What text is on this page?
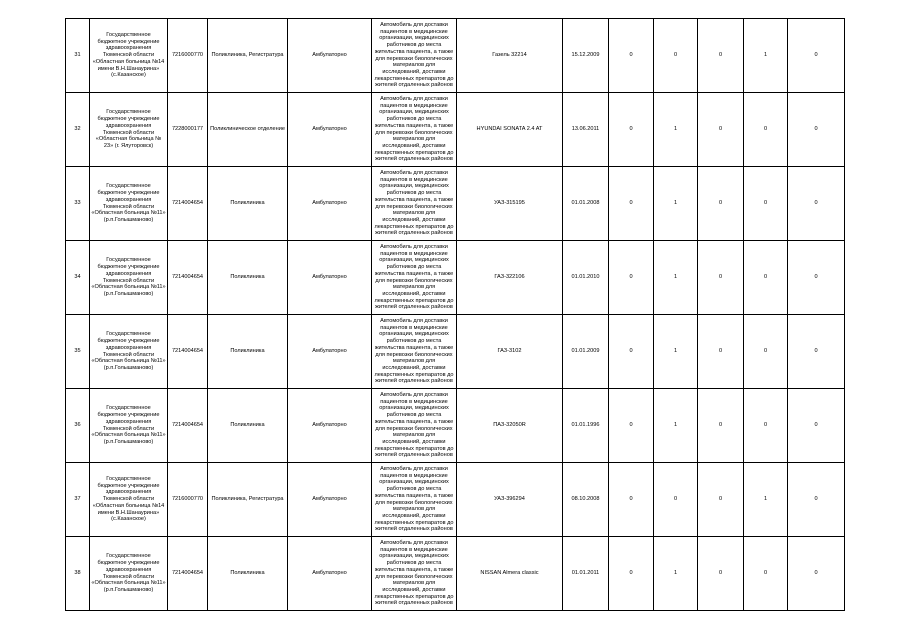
31	Государственное бюджетное учреждение здравоохранения Тюменской области «Областная больница №14 имени В.Н.Шанаурина» (с.Казанское)	7216000770	Поликлиника, Регистратура	Амбулаторно	Автомобиль для доставки пациентов в медицинские организации, медицинских работников до места жительства пациента, а также для перевозки биологических материалов для исследований, доставки лекарственных препаратов до жителей отдаленных районов	Газель 32214	15.12.2009	0	0	0	1	0
32	Государственное бюджетное учреждение здравоохранения Тюменской области «Областная больница № 23» (г. Ялуторовск)	7228000177	Поликлиническое отделение	Амбулаторно	Автомобиль для доставки пациентов в медицинские организации, медицинских работников до места жительства пациента, а также для перевозки биологических материалов для исследований, доставки лекарственных препаратов до жителей отдаленных районов	HYUNDAI SONATA 2.4 AT	13.06.2011	0	1	0	0	0
33	Государственное бюджетное учреждение здравоохранения Тюменской области «Областная больница №11» (р.п.Голышманово)	7214004654	Поликлиника	Амбулаторно	Автомобиль для доставки пациентов в медицинские организации, медицинских работников до места жительства пациента, а также для перевозки биологических материалов для исследований, доставки лекарственных препаратов до жителей отдаленных районов	УАЗ-315195	01.01.2008	0	1	0	0	0
34	Государственное бюджетное учреждение здравоохранения Тюменской области «Областная больница №11» (р.п.Голышманово)	7214004654	Поликлиника	Амбулаторно	Автомобиль для доставки пациентов в медицинские организации, медицинских работников до места жительства пациента, а также для перевозки биологических материалов для исследований, доставки лекарственных препаратов до жителей отдаленных районов	ГАЗ-322106	01.01.2010	0	1	0	0	0
35	Государственное бюджетное учреждение здравоохранения Тюменской области «Областная больница №11» (р.п.Голышманово)	7214004654	Поликлиника	Амбулаторно	Автомобиль для доставки пациентов в медицинские организации, медицинских работников до места жительства пациента, а также для перевозки биологических материалов для исследований, доставки лекарственных препаратов до жителей отдаленных районов	ГАЗ-3102	01.01.2009	0	1	0	0	0
36	Государственное бюджетное учреждение здравоохранения Тюменской области «Областная больница №11» (р.п.Голышманово)	7214004654	Поликлиника	Амбулаторно	Автомобиль для доставки пациентов в медицинские организации, медицинских работников до места жительства пациента, а также для перевозки биологических материалов для исследований, доставки лекарственных препаратов до жителей отдаленных районов	ПАЗ-32050R	01.01.1996	0	1	0	0	0
37	Государственное бюджетное учреждение здравоохранения Тюменской области «Областная больница №14 имени В.Н.Шанаурина» (с.Казанское)	7216000770	Поликлиника, Регистратура	Амбулаторно	Автомобиль для доставки пациентов в медицинские организации, медицинских работников до места жительства пациента, а также для перевозки биологических материалов для исследований, доставки лекарственных препаратов до жителей отдаленных районов	УАЗ-396294	08.10.2008	0	0	0	1	0
38	Государственное бюджетное учреждение здравоохранения Тюменской области «Областная больница №11» (р.п.Голышманово)	7214004654	Поликлиника	Амбулаторно	Автомобиль для доставки пациентов в медицинские организации, медицинских работников до места жительства пациента, а также для перевозки биологических материалов для исследований, доставки лекарственных препаратов до жителей отдаленных районов	NISSAN Almera classic	01.01.2011	0	1	0	0	0
